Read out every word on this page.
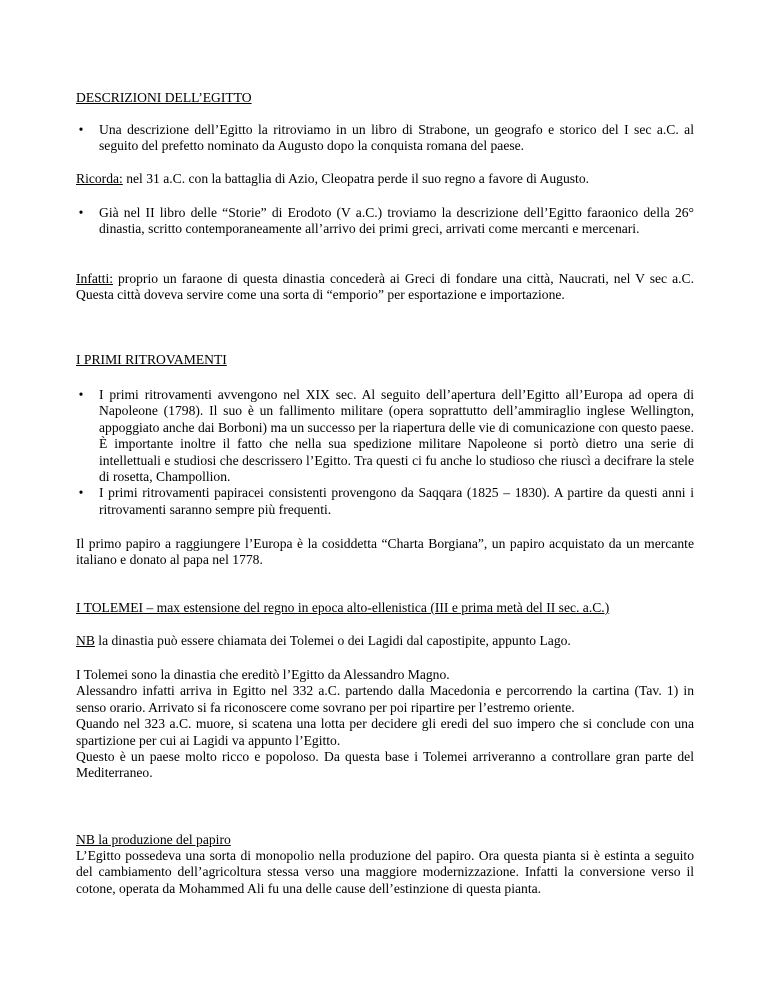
DESCRIZIONI DELL’EGITTO

• Una descrizione dell’Egitto la ritroviamo in un libro di Strabone, un geografo e storico del I sec a.C. al seguito del prefetto nominato da Augusto dopo la conquista romana del paese.

Ricorda: nel 31 a.C. con la battaglia di Azio, Cleopatra perde il suo regno a favore di Augusto.

• Già nel II libro delle “Storie” di Erodoto (V a.C.) troviamo la descrizione dell’Egitto faraonico della 26° dinastia, scritto contemporaneamente all’arrivo dei primi greci, arrivati come mercanti e mercenari.

Infatti: proprio un faraone di questa dinastia concederà ai Greci di fondare una città, Naucrati, nel V sec a.C. Questa città doveva servire come una sorta di “emporio” per esportazione e importazione.

I PRIMI RITROVAMENTI

• I primi ritrovamenti avvengono nel XIX sec. Al seguito dell’apertura dell’Egitto all’Europa ad opera di Napoleone (1798). Il suo è un fallimento militare (opera soprattutto dell’ammiraglio inglese Wellington, appoggiato anche dai Borboni) ma un successo per la riapertura delle vie di comunicazione con questo paese. È importante inoltre il fatto che nella sua spedizione militare Napoleone si portò dietro una serie di intellettuali e studiosi che descrissero l’Egitto. Tra questi ci fu anche lo studioso che riuscì a decifrare la stele di rosetta, Champollion.
• I primi ritrovamenti papiracei consistenti provengono da Saqqara (1825 – 1830). A partire da questi anni i ritrovamenti saranno sempre più frequenti.

Il primo papiro a raggiungere l’Europa è la cosiddetta “Charta Borgiana”, un papiro acquistato da un mercante italiano e donato al papa nel 1778.

I TOLEMEI – max estensione del regno in epoca alto-ellenistica (III e prima metà del II sec. a.C.)

NB la dinastia può essere chiamata dei Tolemei o dei Lagidi dal capostipite, appunto Lago.

I Tolemei sono la dinastia che ereditò l’Egitto da Alessandro Magno.

Alessandro infatti arriva in Egitto nel 332 a.C. partendo dalla Macedonia e percorrendo la cartina (Tav. 1) in senso orario. Arrivato si fa riconoscere come sovrano per poi ripartire per l’estremo oriente.

Quando nel 323 a.C. muore, si scatena una lotta per decidere gli eredi del suo impero che si conclude con una spartizione per cui ai Lagidi va appunto l’Egitto.

Questo è un paese molto ricco e popoloso. Da questa base i Tolemei arriveranno a controllare gran parte del Mediterraneo.

NB la produzione del papiro

L’Egitto possedeva una sorta di monopolio nella produzione del papiro. Ora questa pianta si è estinta a seguito del cambiamento dell’agricoltura stessa verso una maggiore modernizzazione. Infatti la conversione verso il cotone, operata da Mohammed Ali fu una delle cause dell’estinzione di questa pianta.
